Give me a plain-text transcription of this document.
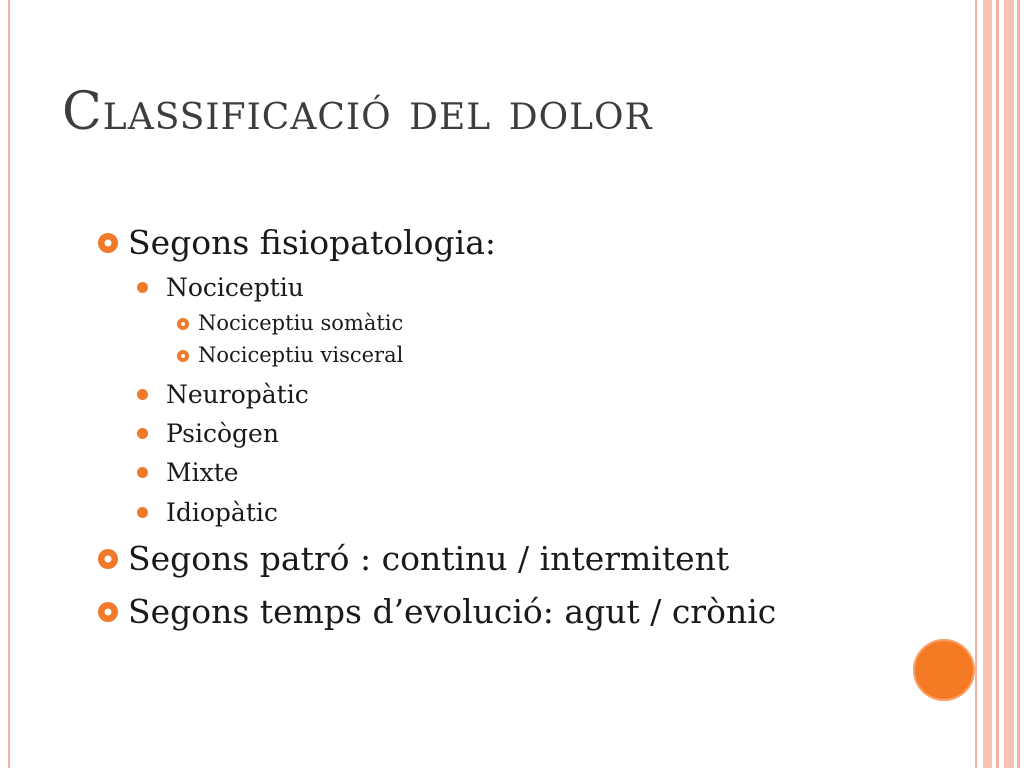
Classificació del dolor
Segons fisiopatologia:
Nociceptiu
Nociceptiu somàtic
Nociceptiu visceral
Neuropàtic
Psicògen
Mixte
Idiopàtic
Segons patró : continu / intermitent
Segons temps d’evolució: agut / crònic
